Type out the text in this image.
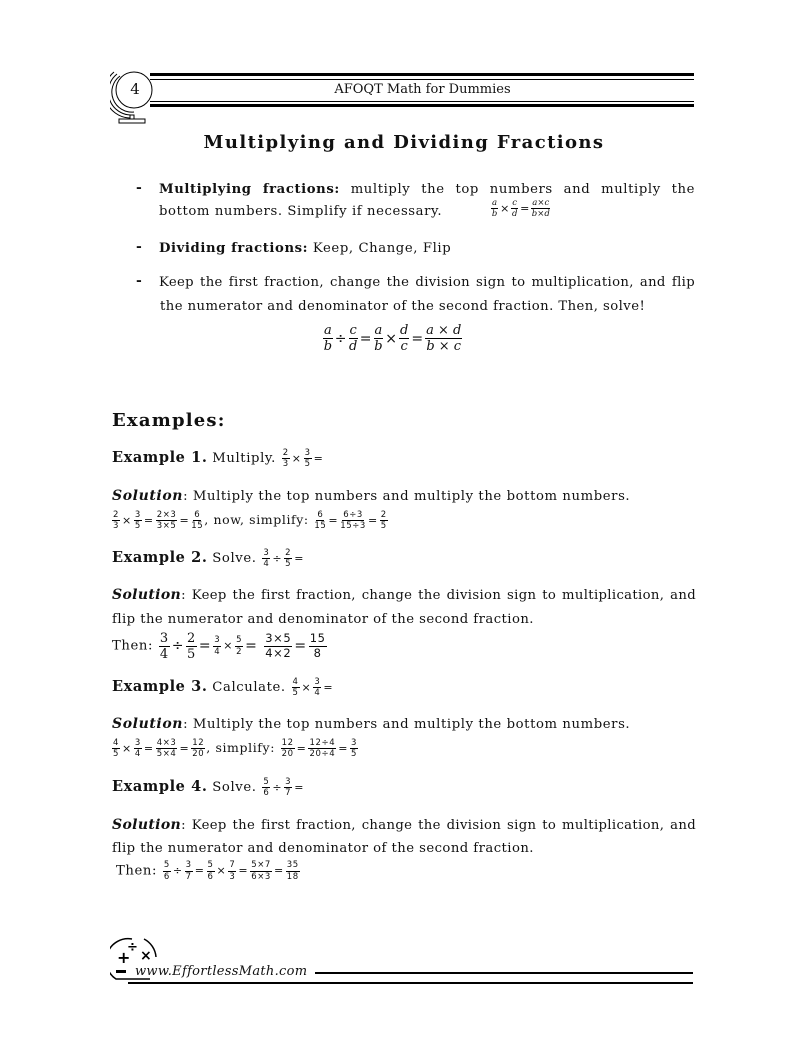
4	AFOQT Math for Dummies
Multiplying and Dividing Fractions
- Multiplying fractions: multiply the top numbers and multiply the
bottom numbers. Simplify if necessary.	$\frac{a}{b} \times \frac{c}{d} = \frac{a\times c}{b\times d}$
- Dividing fractions: Keep, Change, Flip
- Keep the first fraction, change the division sign to multiplication, and flip
the numerator and denominator of the second fraction. Then, solve!
$\frac{a}{b} \div \frac{c}{d} = \frac{a}{b} \times \frac{d}{c} = \frac{a \times d}{b \times c}$
Examples:
Example 1. Multiply. $\frac{2}{3} \times \frac{3}{5}$ =
Solution: Multiply the top numbers and multiply the bottom numbers.
$\frac{2}{3} \times \frac{3}{5} = \frac{2\times 3}{3\times 5} = \frac{6}{15}$ , now, simplify: $\frac{6}{15} = \frac{6\div 3}{15\div 3} = \frac{2}{5}$
Example 2. Solve. $\frac{3}{4} \div \frac{2}{5}$ =
Solution: Keep the first fraction, change the division sign to multiplication, and
flip the numerator and denominator of the second fraction.
Then: $\frac{3}{4} \div \frac{2}{5} = \frac{3}{4} \times \frac{5}{2} = \frac{3\times 5}{4\times 2} = \frac{15}{8}$
Example 3. Calculate. $\frac{4}{5} \times \frac{3}{4}$ =
Solution: Multiply the top numbers and multiply the bottom numbers.
$\frac{4}{5} \times \frac{3}{4} = \frac{4\times 3}{5\times 4} = \frac{12}{20}$ , simplify: $\frac{12}{20} = \frac{12\div 4}{20\div 4} = \frac{3}{5}$
Example 4. Solve. $\frac{5}{6} \div \frac{3}{7}$ =
Solution: Keep the first fraction, change the division sign to multiplication, and
flip the numerator and denominator of the second fraction.
Then: $\frac{5}{6} \div \frac{3}{7} = \frac{5}{6} \times \frac{7}{3} = \frac{5\times 7}{6\times 3} = \frac{35}{18}$
+
÷
×
www.EffortlessMath.com
